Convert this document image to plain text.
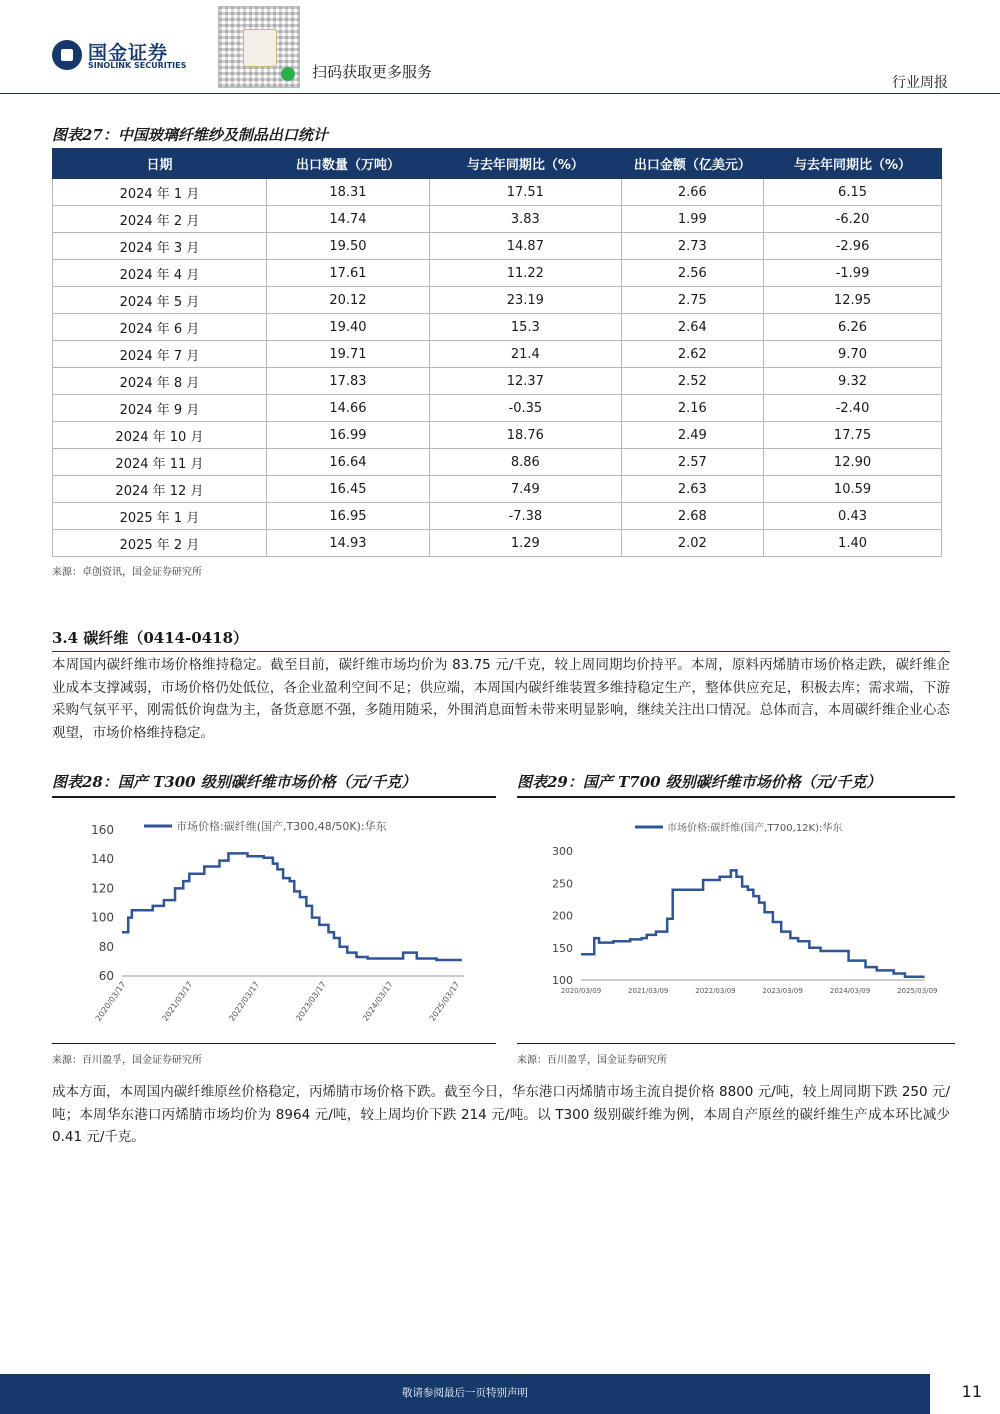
国金证券
SINOLINK SECURITIES	扫码获取更多服务
行业周报
图表27：中国玻璃纤维纱及制品出口统计
日期	出口数量（万吨）	与去年同期比（%）	出口金额（亿美元）	与去年同期比（%）
2024 年 1 月	18.31	17.51	2.66	6.15
2024 年 2 月	14.74	3.83	1.99	-6.20
2024 年 3 月	19.50	14.87	2.73	-2.96
2024 年 4 月	17.61	11.22	2.56	-1.99
2024 年 5 月	20.12	23.19	2.75	12.95
2024 年 6 月	19.40	15.3	2.64	6.26
2024 年 7 月	19.71	21.4	2.62	9.70
2024 年 8 月	17.83	12.37	2.52	9.32
2024 年 9 月	14.66	-0.35	2.16	-2.40
2024 年 10 月	16.99	18.76	2.49	17.75
2024 年 11 月	16.64	8.86	2.57	12.90
2024 年 12 月	16.45	7.49	2.63	10.59
2025 年 1 月	16.95	-7.38	2.68	0.43
2025 年 2 月	14.93	1.29	2.02	1.40
来源：卓创资讯，国金证券研究所
3.4 碳纤维（0414-0418）
本周国内碳纤维市场价格维持稳定。截至目前，碳纤维市场均价为 83.75 元/千克，较上周同期均价持平。本周，原料丙烯腈市场价格走跌，碳纤维企业成本支撑减弱，市场价格仍处低位，各企业盈利空间不足；供应端，本周国内碳纤维装置多维持稳定生产，整体供应充足，积极去库；需求端，下游采购气氛平平，刚需低价询盘为主，备货意愿不强，多随用随采，外围消息面暂未带来明显影响，继续关注出口情况。总体而言，本周碳纤维企业心态观望，市场价格维持稳定。
图表28：国产 T300 级别碳纤维市场价格（元/千克）	图表29：国产 T700 级别碳纤维市场价格（元/千克）
60
80
100
120
140
160
2020/03/17	2021/03/17	2022/03/17	2023/03/17	2024/03/17	2025/03/17
市场价格:碳纤维(国产,T300,48/50K):华东
来源：百川盈孚，国金证券研究所
100
150
200
250
300
2020/03/09	2021/03/09	2022/03/09	2023/03/09	2024/03/09	2025/03/09
市场价格:碳纤维(国产,T700,12K):华东
来源：百川盈孚，国金证券研究所
成本方面，本周国内碳纤维原丝价格稳定，丙烯腈市场价格下跌。截至今日，华东港口丙烯腈市场主流自提价格 8800 元/吨，较上周同期下跌 250 元/吨；本周华东港口丙烯腈市场均价为 8964 元/吨，较上周均价下跌 214 元/吨。以 T300 级别碳纤维为例，本周自产原丝的碳纤维生产成本环比减少 0.41 元/千克。
敬请参阅最后一页特别声明	11
